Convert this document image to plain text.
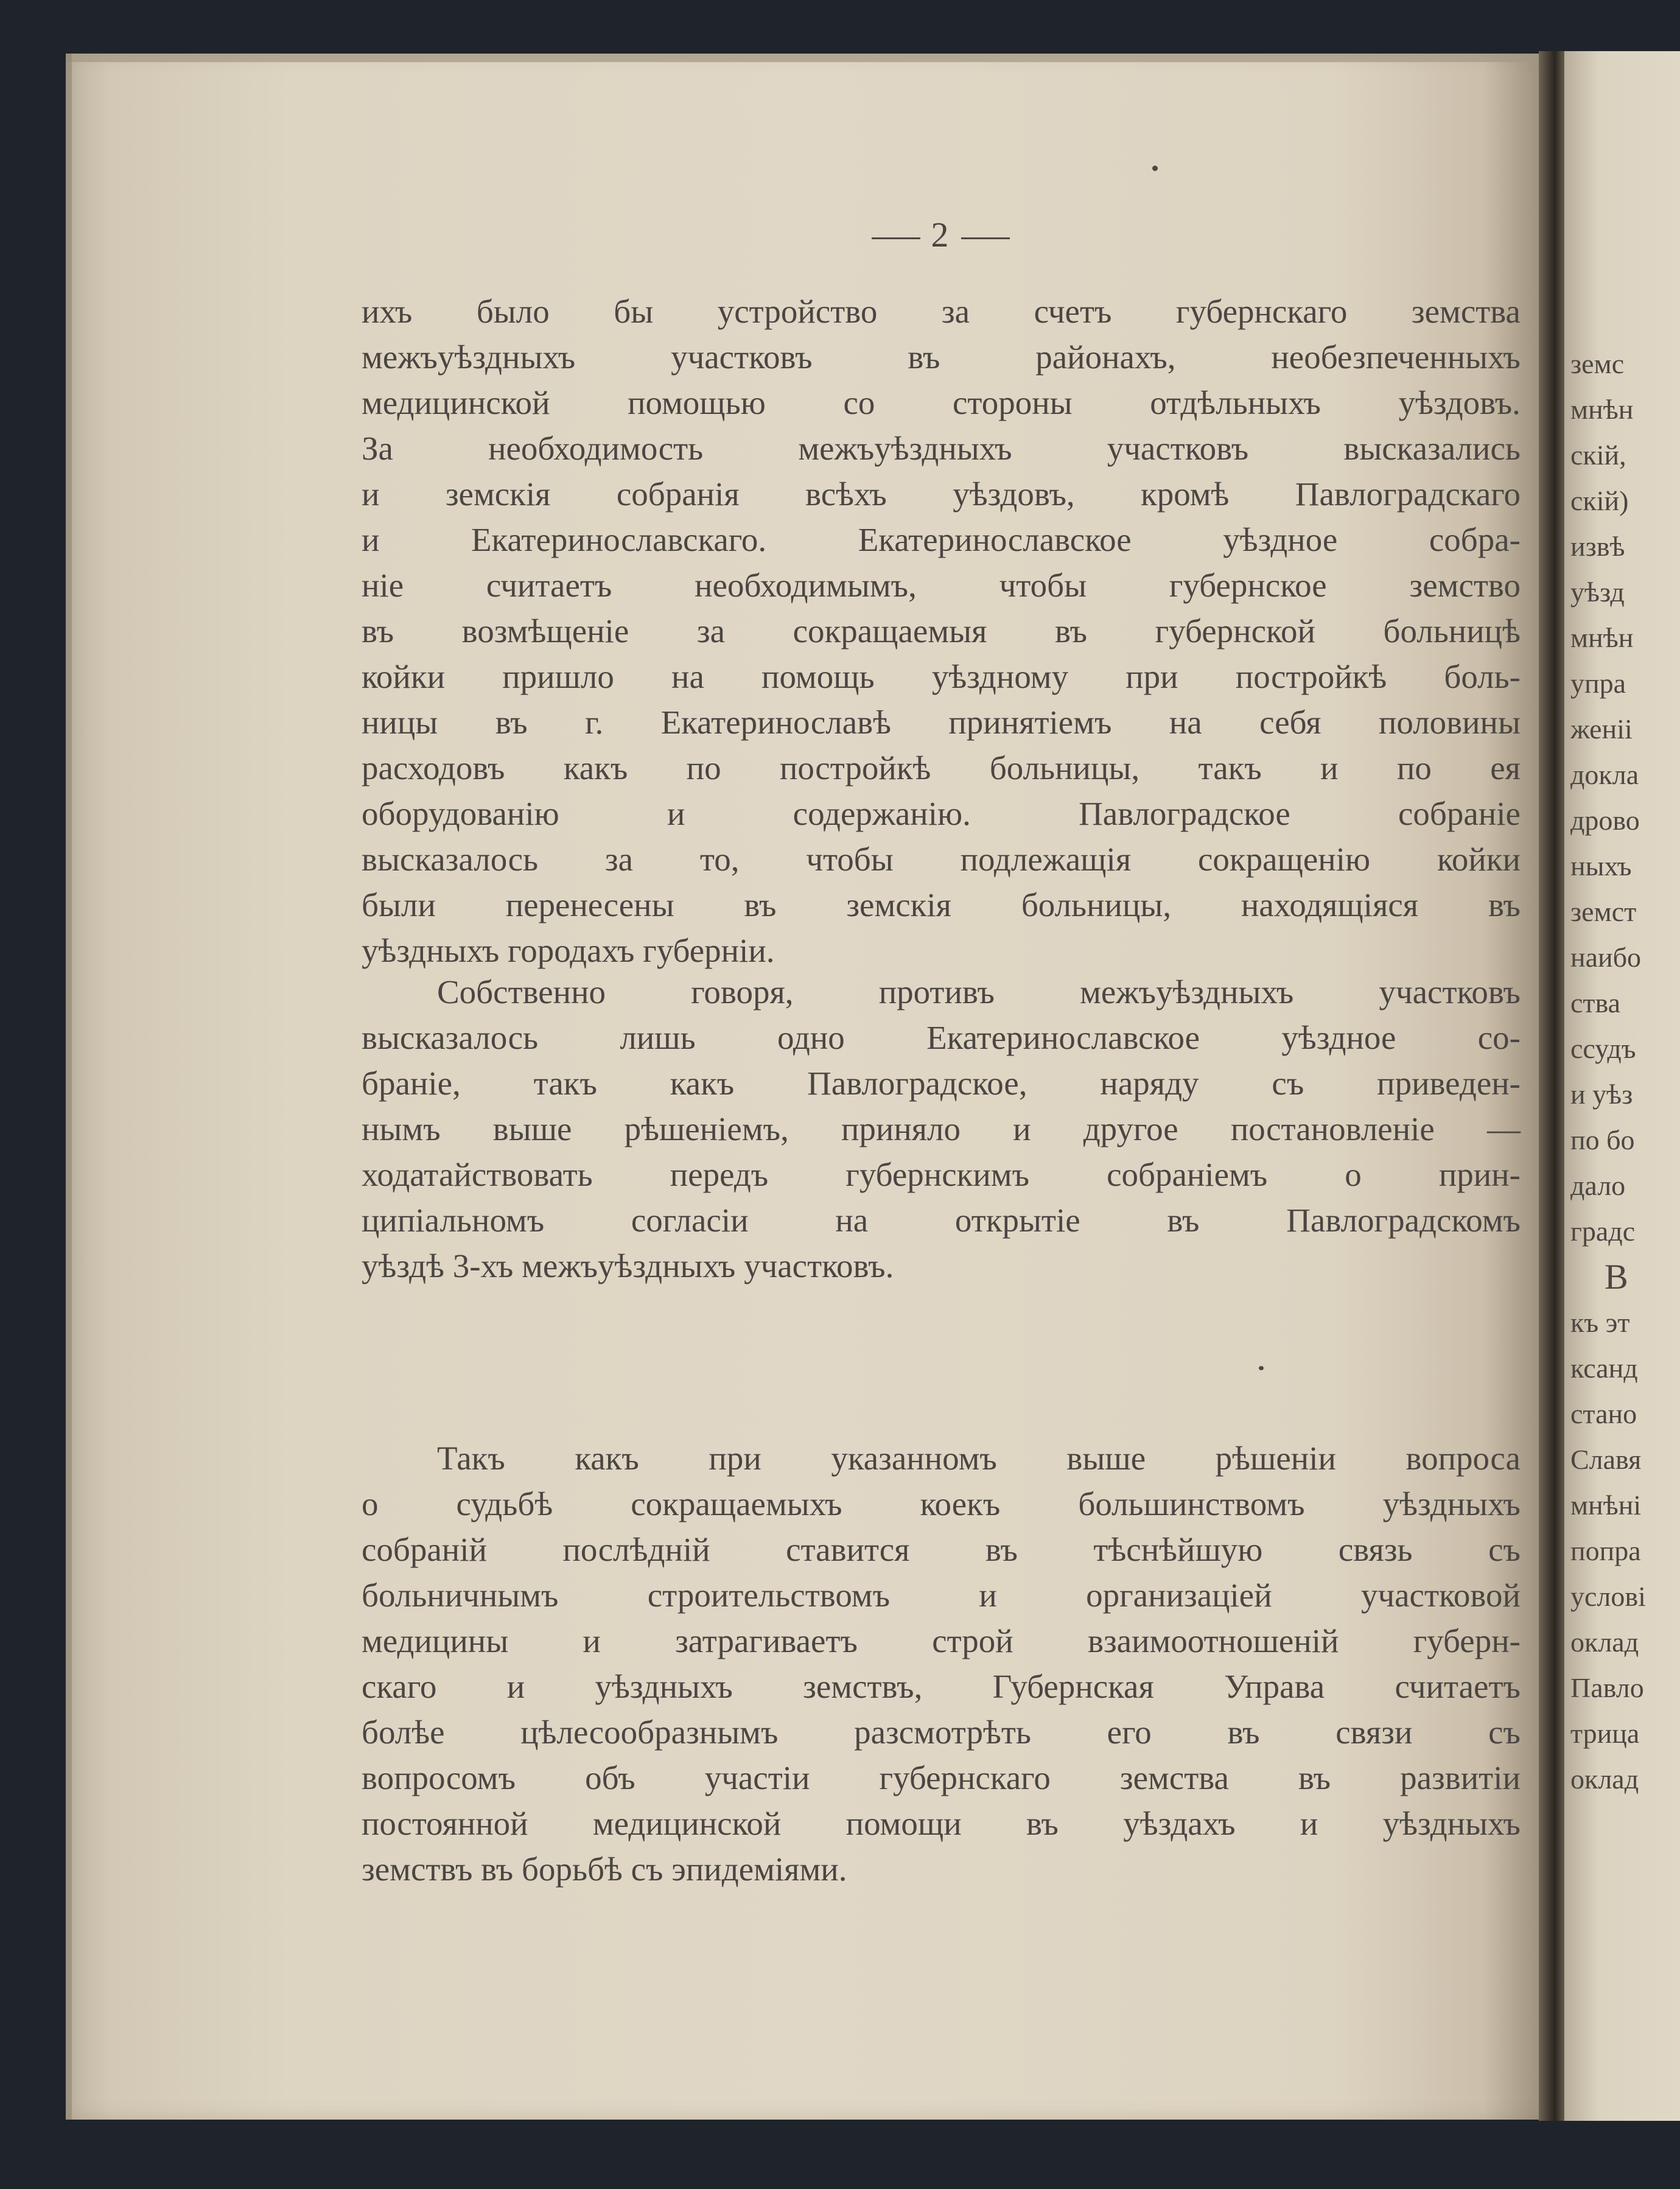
2
ихъ было бы устройство за счетъ губернскаго земства
межъуѣздныхъ	участковъ	въ	районахъ,	необезпеченныхъ
медицинской помощью со стороны отдѣльныхъ уѣздовъ.
За	необходимость	межъуѣздныхъ	участковъ	высказались
и земскія собранія всѣхъ уѣздовъ, кромѣ Павлоградскаго
и	Екатеринославскаго.	Екатеринославское	уѣздное	собра-
ніе считаетъ необходимымъ, чтобы губернское земство
въ возмѣщеніе за сокращаемыя въ губернской больницѣ
койки пришло на помощь уѣздному при постройкѣ боль-
ницы въ г. Екатеринославѣ принятіемъ на себя половины
расходовъ какъ по постройкѣ больницы, такъ и по ея
оборудованію	и	содержанію.	Павлоградское	собраніе
высказалось за то, чтобы подлежащія сокращенію койки
были перенесены въ земскія больницы, находящіяся въ
уѣздныхъ городахъ губерніи.
Собственно	говоря,	противъ	межъуѣздныхъ	участковъ
высказалось лишь одно Екатеринославское уѣздное со-
браніе, такъ какъ Павлоградское, наряду съ приведен-
нымъ выше рѣшеніемъ, приняло и другое постановленіе —
ходатайствовать передъ губернскимъ собраніемъ о прин-
ципіальномъ	согласіи	на	открытіе	въ	Павлоградскомъ
уѣздѣ 3-хъ межъуѣздныхъ участковъ.
Такъ какъ при указанномъ выше рѣшеніи вопроса
о судьбѣ сокращаемыхъ коекъ большинствомъ уѣздныхъ
собраній послѣдній ставится въ тѣснѣйшую связь съ
больничнымъ	строительствомъ	и	организаціей	участковой
медицины и затрагиваетъ строй взаимоотношеній губерн-
скаго и уѣздныхъ земствъ, Губернская Управа считаетъ
болѣе цѣлесообразнымъ разсмотрѣть его въ связи съ
вопросомъ объ участіи губернскаго земства въ развитіи
постоянной медицинской помощи въ уѣздахъ и уѣздныхъ
земствъ въ борьбѣ съ эпидеміями.
земс
мнѣн
скій,
скій)
извѣ
уѣзд
мнѣн
упра
женіі
докла
дрово
ныхъ
земст
наибо
ства
ссудъ
и уѣз
по бо
дало
градс
В
къ эт
ксанд
стано
Славя
мнѣні
попра
услові
оклад
Павло
трица
оклад
